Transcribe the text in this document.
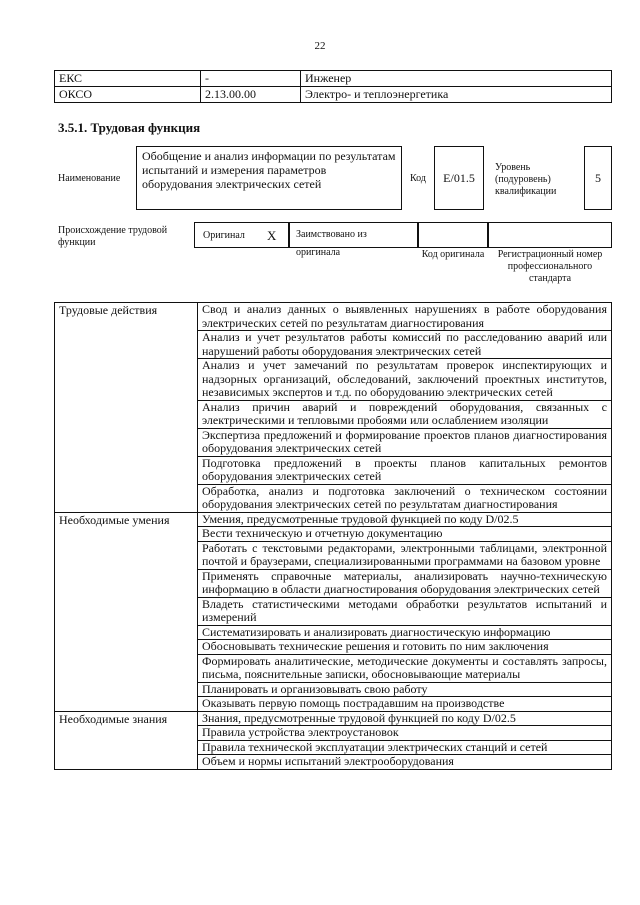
22
ЕКС	-	Инженер
ОКСО	2.13.00.00	Электро- и теплоэнергетика
3.5.1. Трудовая функция
Наименование
Обобщение и анализ информации по результатам испытаний и измерения параметров оборудования электрических сетей	Код	E/01.5
Уровень (подуровень) квалификации
5
Происхождение трудовой функции
Оригинал X	Заимствовано из оригинала	Код оригинала	Регистрационный номер профессионального стандарта
Трудовые действия	Свод и анализ данных о выявленных нарушениях в работе оборудования электрических сетей по результатам диагностирования
	Анализ и учет результатов работы комиссий по расследованию аварий или нарушений работы оборудования электрических сетей
	Анализ и учет замечаний по результатам проверок инспектирующих и надзорных организаций, обследований, заключений проектных институтов, независимых экспертов и т.д. по оборудованию электрических сетей
	Анализ причин аварий и повреждений оборудования, связанных с электрическими и тепловыми пробоями или ослаблением изоляции
	Экспертиза предложений и формирование проектов планов диагностирования оборудования электрических сетей
	Подготовка предложений в проекты планов капитальных ремонтов оборудования электрических сетей
	Обработка, анализ и подготовка заключений о техническом состоянии оборудования электрических сетей по результатам диагностирования
Необходимые умения	Умения, предусмотренные трудовой функцией по коду D/02.5
	Вести техническую и отчетную документацию
	Работать с текстовыми редакторами, электронными таблицами, электронной почтой и браузерами, специализированными программами на базовом уровне
	Применять справочные материалы, анализировать научно-техническую информацию в области диагностирования оборудования электрических сетей
	Владеть статистическими методами обработки результатов испытаний и измерений
	Систематизировать и анализировать диагностическую информацию
	Обосновывать технические решения и готовить по ним заключения
	Формировать аналитические, методические документы и составлять запросы, письма, пояснительные записки, обосновывающие материалы
	Планировать и организовывать свою работу
	Оказывать первую помощь пострадавшим на производстве
Необходимые знания	Знания, предусмотренные трудовой функцией по коду D/02.5
	Правила устройства электроустановок
	Правила технической эксплуатации электрических станций и сетей
	Объем и нормы испытаний электрооборудования
